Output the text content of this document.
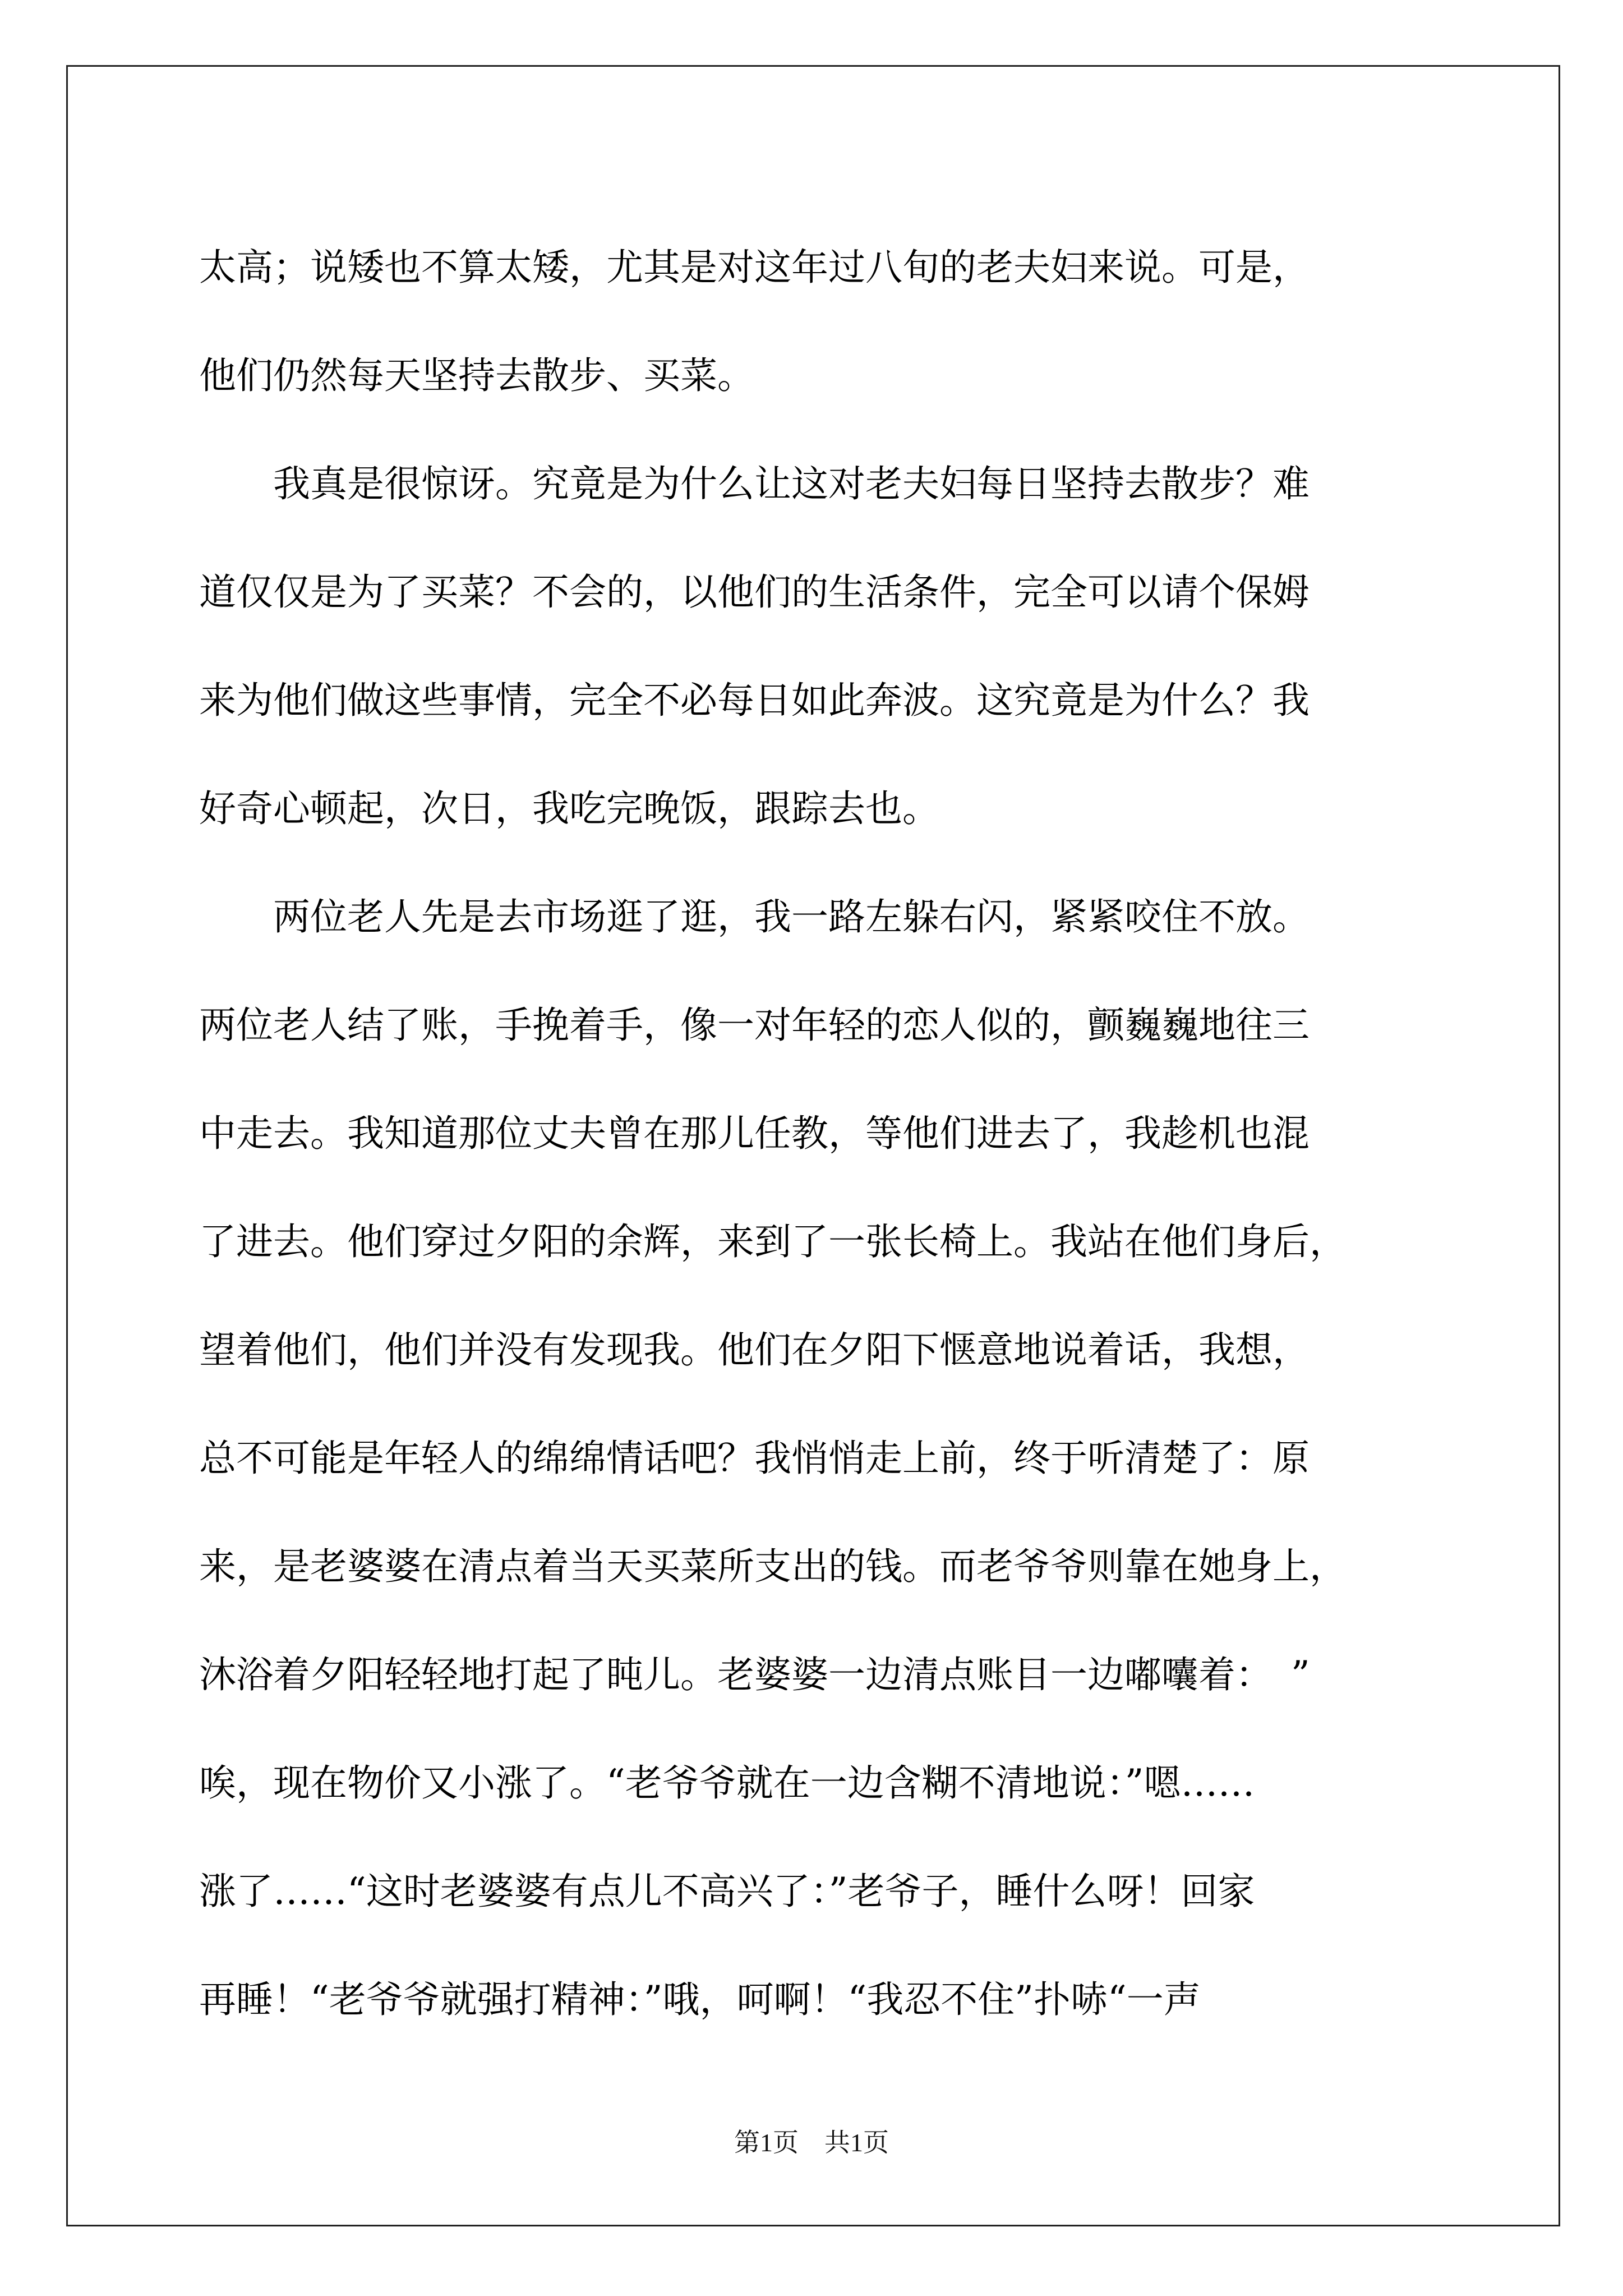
太高；说矮也不算太矮，尤其是对这年过八旬的老夫妇来说。可是，
他们仍然每天坚持去散步、买菜。
我真是很惊讶。究竟是为什么让这对老夫妇每日坚持去散步？难
道仅仅是为了买菜？不会的，以他们的生活条件，完全可以请个保姆
来为他们做这些事情，完全不必每日如此奔波。这究竟是为什么？我
好奇心顿起，次日，我吃完晚饭，跟踪去也。
两位老人先是去市场逛了逛，我一路左躲右闪，紧紧咬住不放。
两位老人结了账，手挽着手，像一对年轻的恋人似的，颤巍巍地往三
中走去。我知道那位丈夫曾在那儿任教，等他们进去了，我趁机也混
了进去。他们穿过夕阳的余辉，来到了一张长椅上。我站在他们身后，
望着他们，他们并没有发现我。他们在夕阳下惬意地说着话，我想，
总不可能是年轻人的绵绵情话吧？我悄悄走上前，终于听清楚了：原
来，是老婆婆在清点着当天买菜所支出的钱。而老爷爷则靠在她身上，
沐浴着夕阳轻轻地打起了盹儿。老婆婆一边清点账目一边嘟囔着：　”
唉，现在物价又小涨了。“老爷爷就在一边含糊不清地说：”嗯……
涨了……“这时老婆婆有点儿不高兴了：”老爷子，睡什么呀！回家
再睡！“老爷爷就强打精神：”哦，呵啊！“我忍不住”扑哧“一声
第1页　共1页
